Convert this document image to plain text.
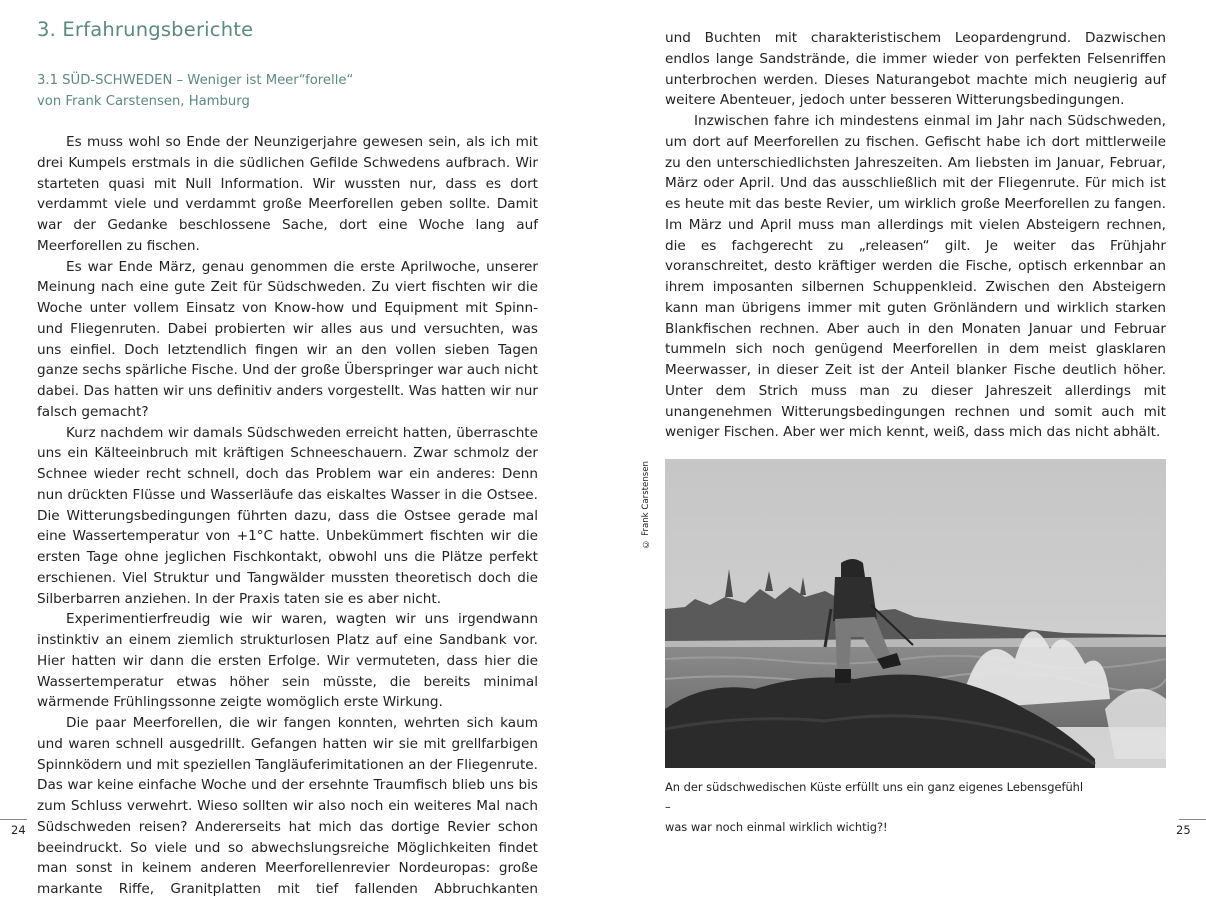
3. Erfahrungsberichte
3.1 SÜD-SCHWEDEN – Weniger ist Meer“forelle“
von Frank Carstensen, Hamburg

Es muss wohl so Ende der Neunzigerjahre gewesen sein, als ich mit drei Kumpels erstmals in die südlichen Gefilde Schwedens aufbrach. Wir starteten quasi mit Null Information. Wir wussten nur, dass es dort verdammt viele und verdammt große Meerforellen geben sollte. Damit war der Gedanke beschlossene Sache, dort eine Woche lang auf Meerforellen zu fischen.

Es war Ende März, genau genommen die erste Aprilwoche, unserer Meinung nach eine gute Zeit für Südschweden. Zu viert fischten wir die Woche unter vollem Einsatz von Know-how und Equipment mit Spinn- und Fliegenruten. Dabei probierten wir alles aus und versuchten, was uns einfiel. Doch letztendlich fingen wir an den vollen sieben Tagen ganze sechs spärliche Fische. Und der große Überspringer war auch nicht dabei. Das hatten wir uns definitiv anders vorgestellt. Was hatten wir nur falsch gemacht?

Kurz nachdem wir damals Südschweden erreicht hatten, überraschte uns ein Kälteeinbruch mit kräftigen Schneeschauern. Zwar schmolz der Schnee wieder recht schnell, doch das Problem war ein anderes: Denn nun drückten Flüsse und Wasserläufe das eiskaltes Wasser in die Ostsee. Die Witterungsbedingungen führten dazu, dass die Ostsee gerade mal eine Wassertemperatur von +1°C hatte. Unbekümmert fischten wir die ersten Tage ohne jeglichen Fischkontakt, obwohl uns die Plätze perfekt erschienen. Viel Struktur und Tangwälder mussten theoretisch doch die Silberbarren anziehen. In der Praxis taten sie es aber nicht.

Experimentierfreudig wie wir waren, wagten wir uns irgendwann instinktiv an einem ziemlich strukturlosen Platz auf eine Sandbank vor. Hier hatten wir dann die ersten Erfolge. Wir vermuteten, dass hier die Wassertemperatur etwas höher sein müsste, die bereits minimal wärmende Frühlingssonne zeigte womöglich erste Wirkung.

Die paar Meerforellen, die wir fangen konnten, wehrten sich kaum und waren schnell ausgedrillt. Gefangen hatten wir sie mit grellfarbigen Spinnködern und mit speziellen Tangläuferimitationen an der Fliegenrute. Das war keine einfache Woche und der ersehnte Traumfisch blieb uns bis zum Schluss verwehrt. Wieso sollten wir also noch ein weiteres Mal nach Südschweden reisen? Andererseits hat mich das dortige Revier schon beeindruckt. So viele und so abwechslungsreiche Möglichkeiten findet man sonst in keinem anderen Meerforellenrevier Nordeuropas: große markante Riffe, Granitplatten mit tief fallenden Abbruchkanten

24

und Buchten mit charakteristischem Leopardengrund. Dazwischen endlos lange Sandstrände, die immer wieder von perfekten Felsenriffen unterbrochen werden. Dieses Naturangebot machte mich neugierig auf weitere Abenteuer, jedoch unter besseren Witterungsbedingungen.

Inzwischen fahre ich mindestens einmal im Jahr nach Südschweden, um dort auf Meerforellen zu fischen. Gefischt habe ich dort mittlerweile zu den unterschiedlichsten Jahreszeiten. Am liebsten im Januar, Februar, März oder April. Und das ausschließlich mit der Fliegenrute. Für mich ist es heute mit das beste Revier, um wirklich große Meerforellen zu fangen. Im März und April muss man allerdings mit vielen Absteigern rechnen, die es fachgerecht zu „releasen“ gilt. Je weiter das Frühjahr voranschreitet, desto kräftiger werden die Fische, optisch erkennbar an ihrem imposanten silbernen Schuppenkleid. Zwischen den Absteigern kann man übrigens immer mit guten Grönländern und wirklich starken Blankfischen rechnen. Aber auch in den Monaten Januar und Februar tummeln sich noch genügend Meerforellen in dem meist glasklaren Meerwasser, in dieser Zeit ist der Anteil blanker Fische deutlich höher. Unter dem Strich muss man zu dieser Jahreszeit allerdings mit unangenehmen Witterungsbedingungen rechnen und somit auch mit weniger Fischen. Aber wer mich kennt, weiß, dass mich das nicht abhält.

© Frank Carstensen
An der südschwedischen Küste erfüllt uns ein ganz eigenes Lebensgefühl –
was war noch einmal wirklich wichtig?!	25
